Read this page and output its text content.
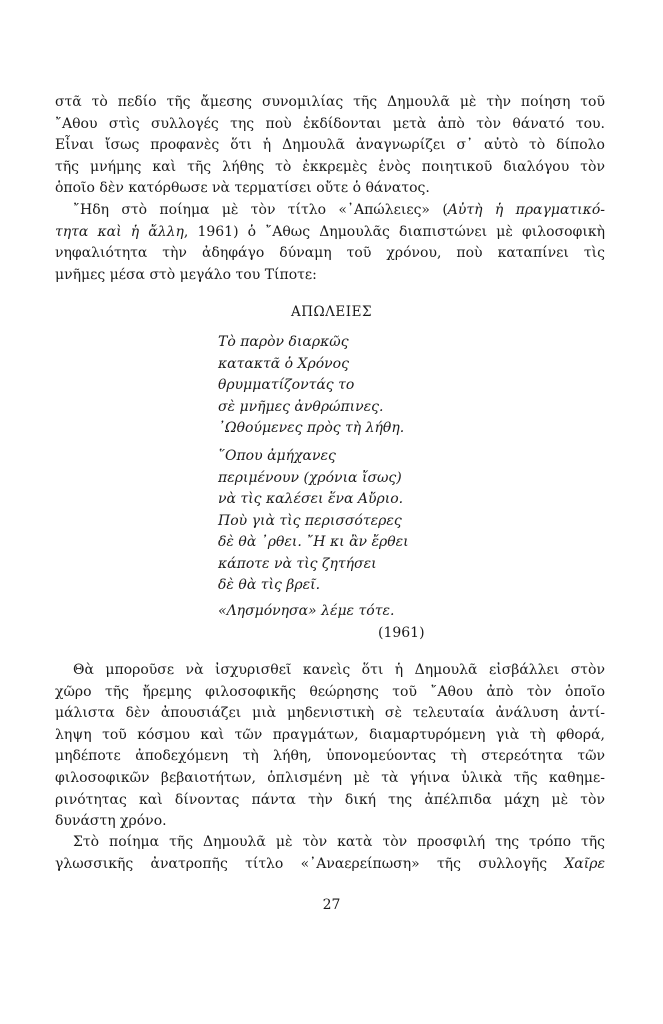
στᾶ τὸ πεδίο τῆς ἄμεσης συνομιλίας τῆς Δημουλᾶ μὲ τὴν ποίηση τοῦ
῎Αθου στὶς συλλογές της ποὺ ἐκδίδονται μετὰ ἀπὸ τὸν θάνατό του.
Εἶναι ἴσως προφανὲς ὅτι ἡ Δημουλᾶ ἀναγνωρίζει σ᾽ αὐτὸ τὸ δίπολο
τῆς μνήμης καὶ τῆς λήθης τὸ ἐκκρεμὲς ἑνὸς ποιητικοῦ διαλόγου τὸν
ὁποῖο δὲν κατόρθωσε νὰ τερματίσει οὔτε ὁ θάνατος.

῎Ηδη στὸ ποίημα μὲ τὸν τίτλο «᾽Απώλειες» (Αὐτὴ ἡ πραγματικό-
τητα καὶ ἡ ἄλλη, 1961) ὁ ῎Αθως Δημουλᾶς διαπιστώνει μὲ φιλοσοφικὴ
νηφαλιότητα τὴν ἀδηφάγο δύναμη τοῦ χρόνου, ποὺ καταπίνει τὶς
μνῆμες μέσα στὸ μεγάλο του Τίποτε:

ΑΠΩΛΕΙΕΣ
Τὸ παρὸν διαρκῶς
κατακτᾶ ὁ Χρόνος
θρυμματίζοντάς το
σὲ μνῆμες ἀνθρώπινες.
᾽Ωθούμενες πρὸς τὴ λήθη.
῞Οπου ἀμήχανες
περιμένουν (χρόνια ἴσως)
νὰ τὶς καλέσει ἕνα Αὔριο.
Ποὺ γιὰ τὶς περισσότερες
δὲ θὰ ᾽ρθει. ῎Η κι ἂν ἔρθει
κάποτε νὰ τὶς ζητήσει
δὲ θὰ τὶς βρεῖ.
«Λησμόνησα» λέμε τότε.
(1961)

Θὰ μποροῦσε νὰ ἰσχυρισθεῖ κανεὶς ὅτι ἡ Δημουλᾶ εἰσβάλλει στὸν
χῶρο τῆς ἤρεμης φιλοσοφικῆς θεώρησης τοῦ ῎Αθου ἀπὸ τὸν ὁποῖο
μάλιστα δὲν ἀπουσιάζει μιὰ μηδενιστικὴ σὲ τελευταία ἀνάλυση ἀντί-
ληψη τοῦ κόσμου καὶ τῶν πραγμάτων, διαμαρτυρόμενη γιὰ τὴ φθορά,
μηδέποτε ἀποδεχόμενη τὴ λήθη, ὑπονομεύοντας τὴ στερεότητα τῶν
φιλοσοφικῶν βεβαιοτήτων, ὁπλισμένη μὲ τὰ γήινα ὑλικὰ τῆς καθημε-
ρινότητας καὶ δίνοντας πάντα τὴν δική της ἀπέλπιδα μάχη μὲ τὸν
δυνάστη χρόνο.

Στὸ ποίημα τῆς Δημουλᾶ μὲ τὸν κατὰ τὸν προσφιλή της τρόπο τῆς
γλωσσικῆς ἀνατροπῆς τίτλο «᾽Αναερείπωση» τῆς συλλογῆς Χαῖρε

27
